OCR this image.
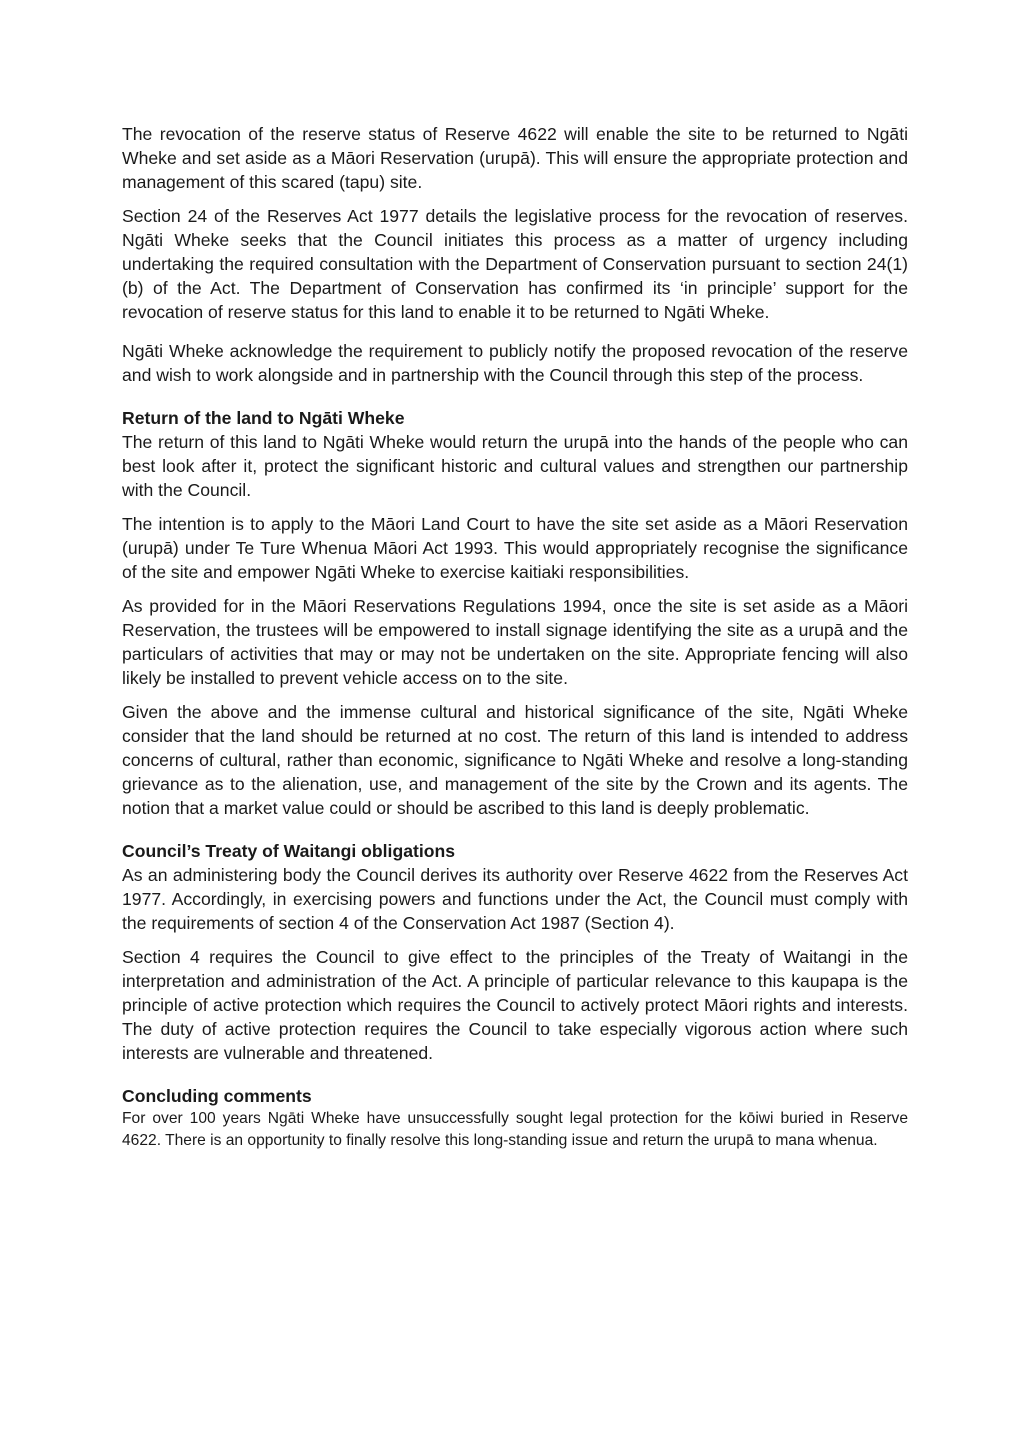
The revocation of the reserve status of Reserve 4622 will enable the site to be returned to Ngāti Wheke and set aside as a Māori Reservation (urupā). This will ensure the appropriate protection and management of this scared (tapu) site.

Section 24 of the Reserves Act 1977 details the legislative process for the revocation of reserves. Ngāti Wheke seeks that the Council initiates this process as a matter of urgency including undertaking the required consultation with the Department of Conservation pursuant to section 24(1)(b) of the Act. The Department of Conservation has confirmed its ‘in principle’ support for the revocation of reserve status for this land to enable it to be returned to Ngāti Wheke.

Ngāti Wheke acknowledge the requirement to publicly notify the proposed revocation of the reserve and wish to work alongside and in partnership with the Council through this step of the process.

Return of the land to Ngāti Wheke

The return of this land to Ngāti Wheke would return the urupā into the hands of the people who can best look after it, protect the significant historic and cultural values and strengthen our partnership with the Council.

The intention is to apply to the Māori Land Court to have the site set aside as a Māori Reservation (urupā) under Te Ture Whenua Māori Act 1993. This would appropriately recognise the significance of the site and empower Ngāti Wheke to exercise kaitiaki responsibilities.

As provided for in the Māori Reservations Regulations 1994, once the site is set aside as a Māori Reservation, the trustees will be empowered to install signage identifying the site as a urupā and the particulars of activities that may or may not be undertaken on the site. Appropriate fencing will also likely be installed to prevent vehicle access on to the site.

Given the above and the immense cultural and historical significance of the site, Ngāti Wheke consider that the land should be returned at no cost. The return of this land is intended to address concerns of cultural, rather than economic, significance to Ngāti Wheke and resolve a long-standing grievance as to the alienation, use, and management of the site by the Crown and its agents. The notion that a market value could or should be ascribed to this land is deeply problematic.

Council’s Treaty of Waitangi obligations

As an administering body the Council derives its authority over Reserve 4622 from the Reserves Act 1977. Accordingly, in exercising powers and functions under the Act, the Council must comply with the requirements of section 4 of the Conservation Act 1987 (Section 4).

Section 4 requires the Council to give effect to the principles of the Treaty of Waitangi in the interpretation and administration of the Act. A principle of particular relevance to this kaupapa is the principle of active protection which requires the Council to actively protect Māori rights and interests. The duty of active protection requires the Council to take especially vigorous action where such interests are vulnerable and threatened.

Concluding comments

For over 100 years Ngāti Wheke have unsuccessfully sought legal protection for the kōiwi buried in Reserve 4622. There is an opportunity to finally resolve this long-standing issue and return the urupā to mana whenua.
